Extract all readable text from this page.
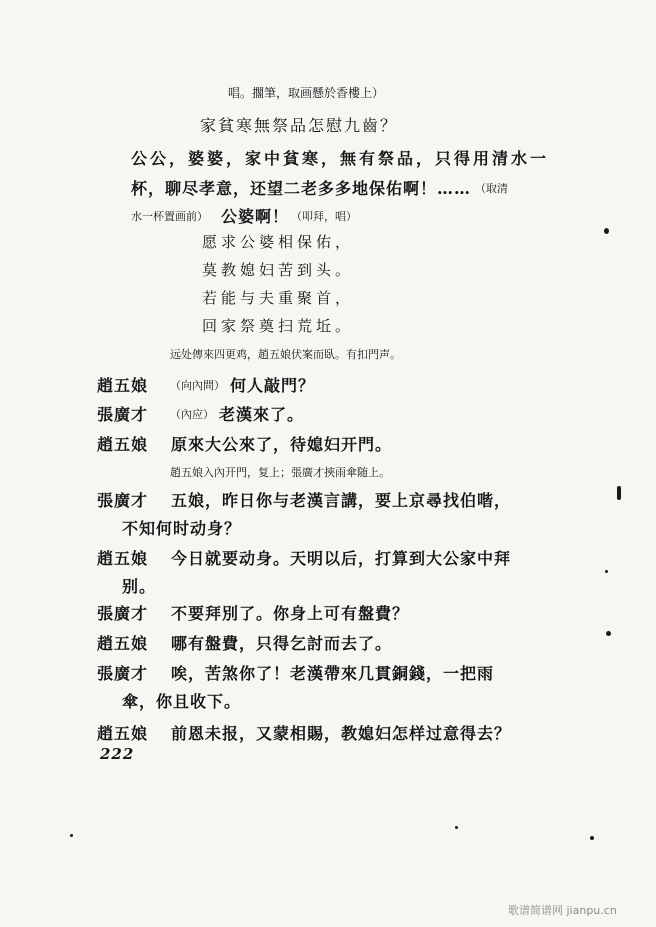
唱。擱筆，取画懸於香樓上）
家貧寒無祭品怎慰九齒？
公公，婆婆，家中貧寒，無有祭品，只得用清水一
杯，聊尽孝意，还望二老多多地保佑啊！…… （取清
水一杯置画前） 公婆啊！ （叩拜，唱）
愿求公婆相保佑，
莫教媳妇苦到头。
若能与夫重聚首，
回家祭奠扫荒坵。
远处傳來四更鸡，趙五娘伏案而臥。有扣門声。
趙五娘 （向內問） 何人敲門？
張廣才 （內应） 老漢來了。
趙五娘 原來大公來了，待媳妇开門。
趙五娘入內开門，复上；張廣才挾雨傘随上。
張廣才 五娘，昨日你与老漢言講，要上京尋找伯喈，
不知何时动身？
趙五娘 今日就要动身。天明以后，打算到大公家中拜
别。
張廣才 不要拜別了。你身上可有盤費？
趙五娘 哪有盤費，只得乞討而去了。
張廣才 唉，苦煞你了！老漢帶來几貫銅錢，一把雨
傘，你且收下。
趙五娘 前恩未报，又蒙相賜，教媳妇怎样过意得去？
222
歌谱简谱网 jianpu.cn
